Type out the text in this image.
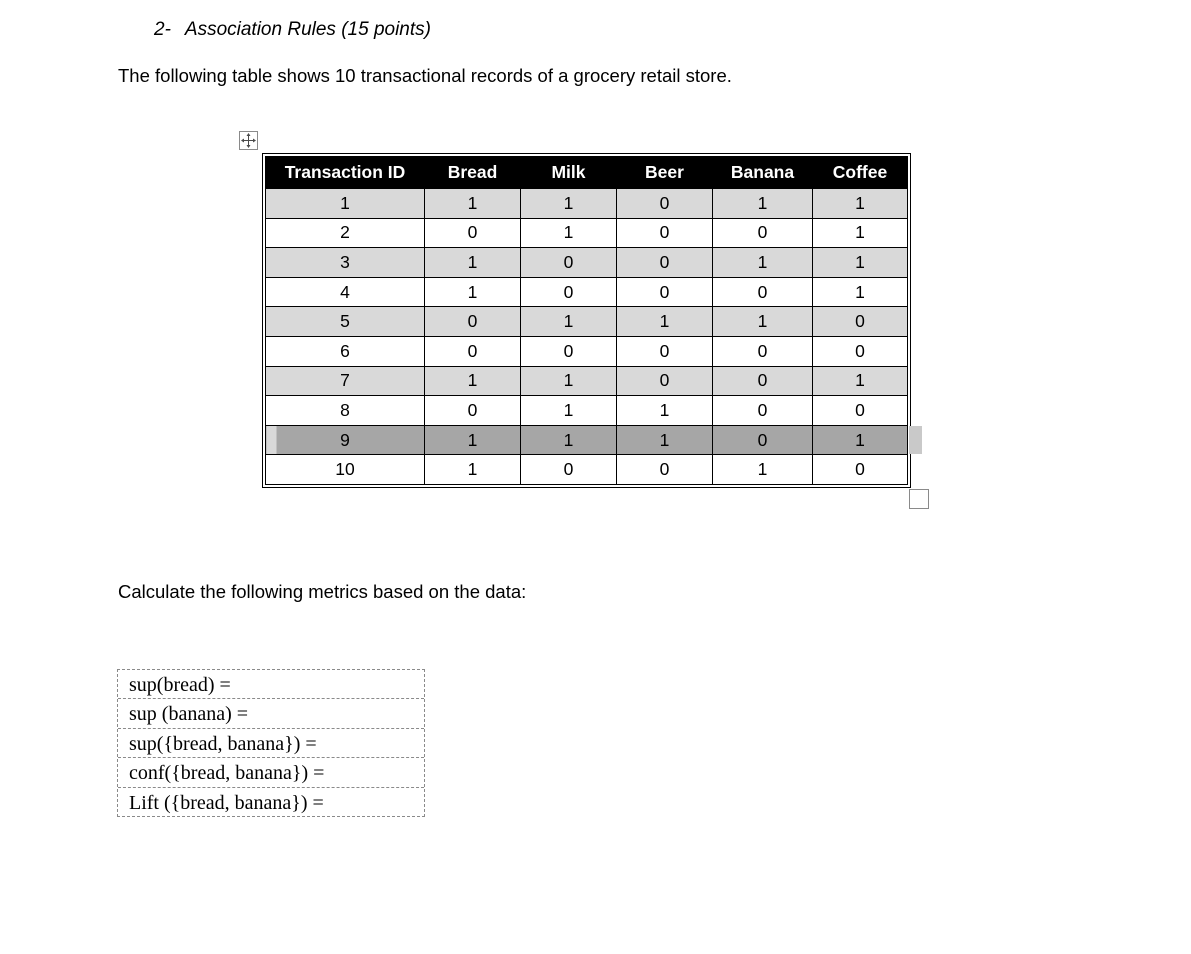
2- Association Rules (15 points)
The following table shows 10 transactional records of a grocery retail store.
Transaction ID	Bread	Milk	Beer	Banana	Coffee
1	1	1	0	1	1
2	0	1	0	0	1
3	1	0	0	1	1
4	1	0	0	0	1
5	0	1	1	1	0
6	0	0	0	0	0
7	1	1	0	0	1
8	0	1	1	0	0
9	1	1	1	0	1
10	1	0	0	1	0
Calculate the following metrics based on the data:
sup(bread) =
sup (banana) =
sup({bread, banana}) =
conf({bread, banana}) =
Lift ({bread, banana}) =
